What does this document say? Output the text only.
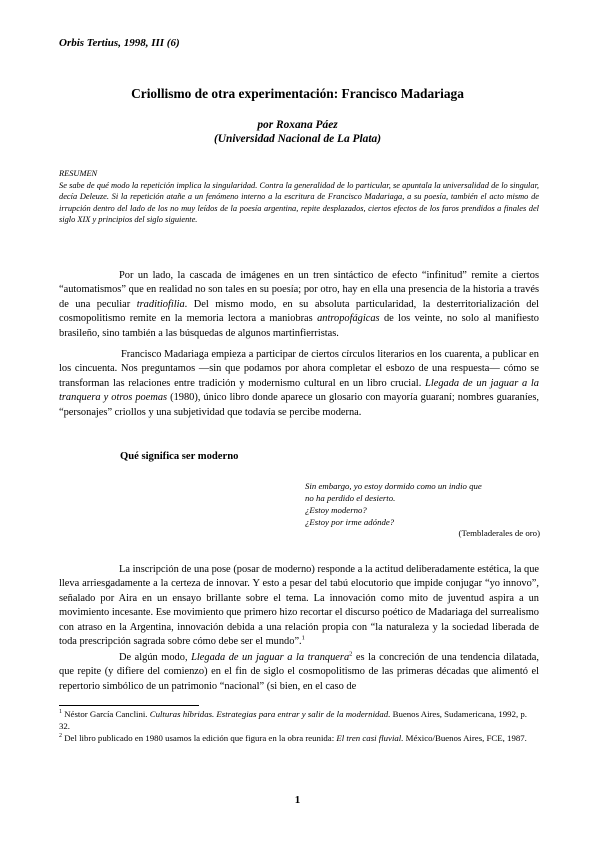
Orbis Tertius, 1998, III (6)
Criollismo de otra experimentación: Francisco Madariaga
por Roxana Páez
(Universidad Nacional de La Plata)
RESUMEN
Se sabe de qué modo la repetición implica la singularidad. Contra la generalidad de lo particular, se apuntala la universalidad de lo singular, decía Deleuze. Si la repetición atañe a un fenómeno interno a la escritura de Francisco Madariaga, a su poesía, también el acto mismo de irrupción dentro del lado de los no muy leídos de la poesía argentina, repite desplazados, ciertos efectos de los faros prendidos a finales del siglo XIX y principios del siglo siguiente.

Por un lado, la cascada de imágenes en un tren sintáctico de efecto “infinitud” remite a ciertos “automatismos” que en realidad no son tales en su poesía; por otro, hay en ella una presencia de la historia a través de una peculiar traditiofilia. Del mismo modo, en su absoluta particularidad, la desterritorialización del cosmopolitismo remite en la memoria lectora a maniobras antropofágicas de los veinte, no solo al manifiesto brasileño, sino también a las búsquedas de algunos martinfierristas.

Francisco Madariaga empieza a participar de ciertos círculos literarios en los cuarenta, a publicar en los cincuenta. Nos preguntamos —sin que podamos por ahora completar el esbozo de una respuesta— cómo se transforman las relaciones entre tradición y modernismo cultural en un libro crucial. Llegada de un jaguar a la tranquera y otros poemas (1980), único libro donde aparece un glosario con mayoría guaraní; nombres guaraníes, “personajes” criollos y una subjetividad que todavía se percibe moderna.

Qué significa ser moderno
Sin embargo, yo estoy dormido como un indio que
no ha perdido el desierto.
¿Estoy moderno?
¿Estoy por irme adónde?
(Tembladerales de oro)

La inscripción de una pose (posar de moderno) responde a la actitud deliberadamente estética, la que lleva arriesgadamente a la certeza de innovar. Y esto a pesar del tabú elocutorio que impide conjugar “yo innovo”, señalado por Aira en un ensayo brillante sobre el tema. La innovación como mito de juventud aspira a un movimiento incesante. Ese movimiento que primero hizo recortar el discurso poético de Madariaga del surrealismo con atraso en la Argentina, innovación debida a una relación propia con “la naturaleza y la sociedad liberada de toda prescripción sagrada sobre cómo debe ser el mundo”.$^1$

De algún modo, Llegada de un jaguar a la tranquera$^2$ es la concreción de una tendencia dilatada, que repite (y difiere del comienzo) en el fin de siglo el cosmopolitismo de las primeras décadas que alimentó el repertorio simbólico de un patrimonio “nacional” (si bien, en el caso de

$^1$ Néstor García Canclini. Culturas híbridas. Estrategias para entrar y salir de la modernidad. Buenos Aires, Sudamericana, 1992, p. 32.
$^2$ Del libro publicado en 1980 usamos la edición que figura en la obra reunida: El tren casi fluvial. México/Buenos Aires, FCE, 1987.
1
